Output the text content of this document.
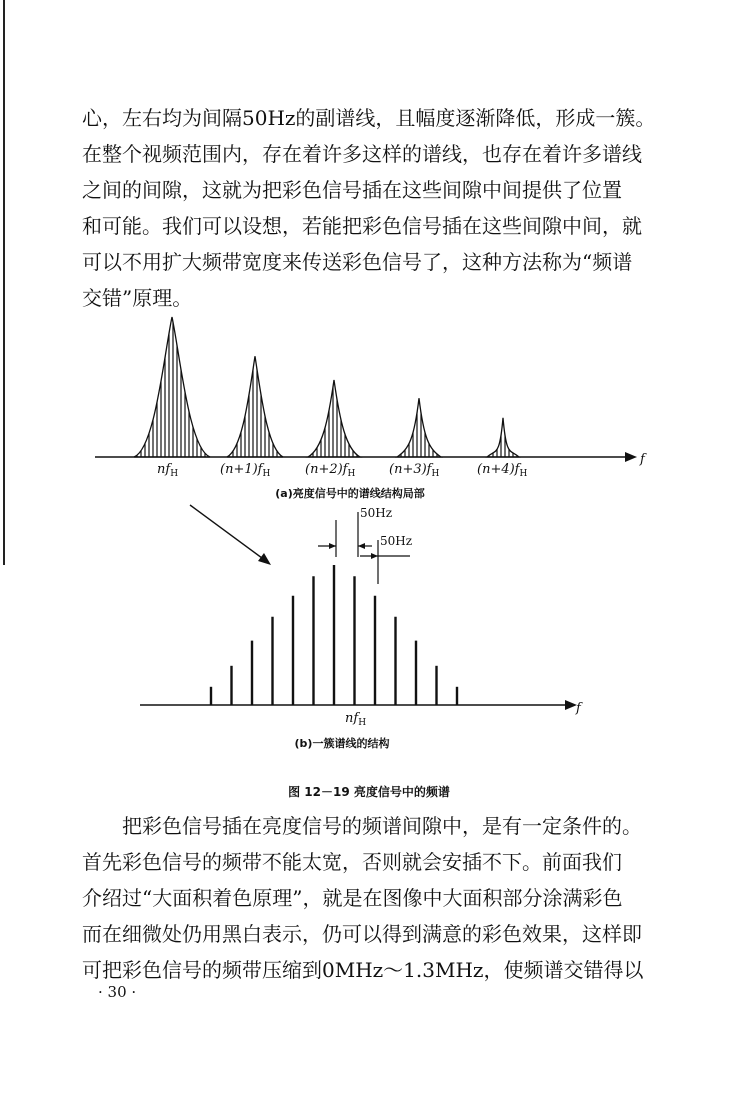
心，左右均为间隔50Hz的副谱线，且幅度逐渐降低，形成一簇。
在整个视频范围内，存在着许多这样的谱线，也存在着许多谱线
之间的间隙，这就为把彩色信号插在这些间隙中间提供了位置
和可能。我们可以设想，若能把彩色信号插在这些间隙中间，就
可以不用扩大频带宽度来传送彩色信号了，这种方法称为“频谱
交错”原理。

f
$nf_H$	$(n+1)f_H$	$(n+2)f_H$	$(n+3)f_H$	$(n+4)f_H$
(a)亮度信号中的谱线结构局部
f
50Hz
50Hz
$nf_H$
(b)一簇谱线的结构

图 12－19 亮度信号中的频谱

把彩色信号插在亮度信号的频谱间隙中，是有一定条件的。
首先彩色信号的频带不能太宽，否则就会安插不下。前面我们
介绍过“大面积着色原理”，就是在图像中大面积部分涂满彩色
而在细微处仍用黑白表示，仍可以得到满意的彩色效果，这样即
可把彩色信号的频带压缩到0MHz～1.3MHz，使频谱交错得以

· 30 ·
